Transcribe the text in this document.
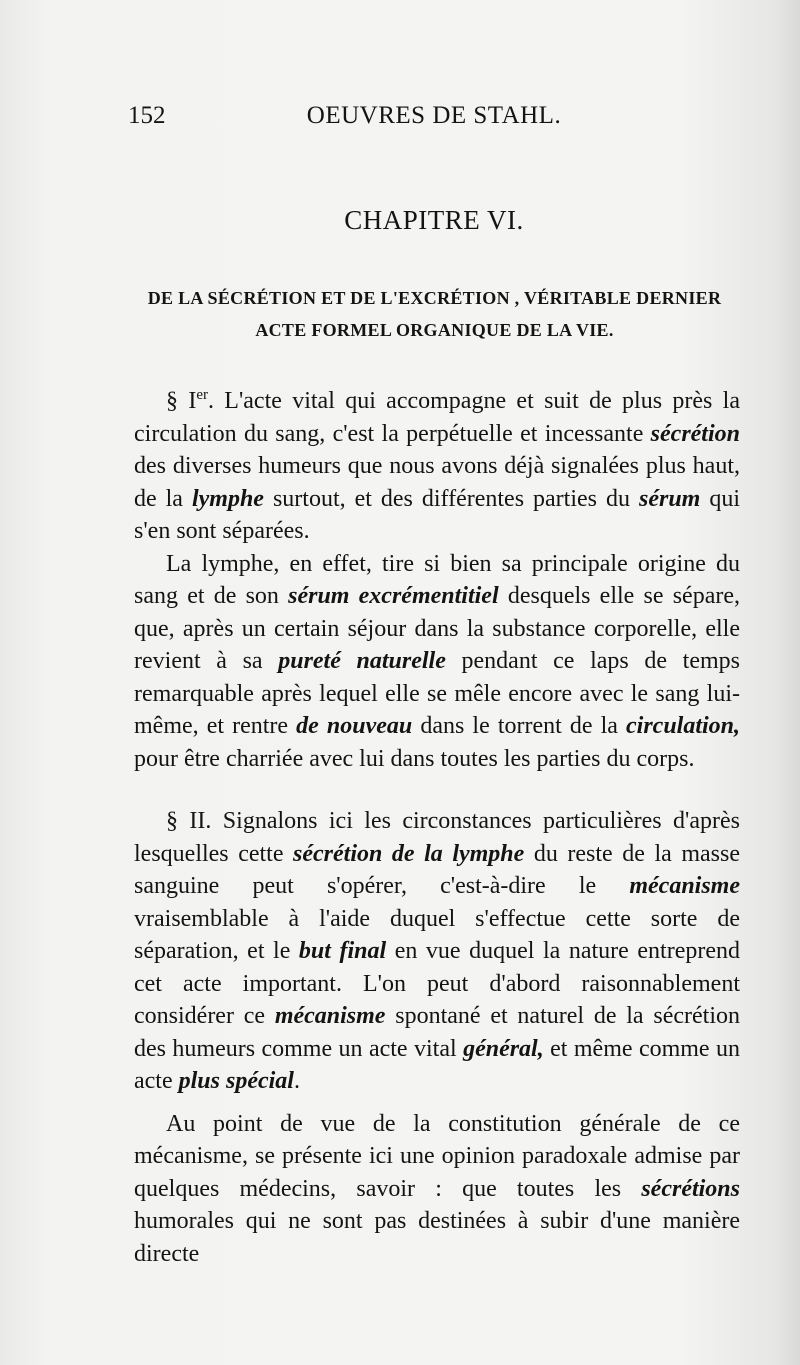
152	OEUVRES DE STAHL.
CHAPITRE VI.
DE LA SÉCRÉTION ET DE L'EXCRÉTION , VÉRITABLE DERNIER ACTE FORMEL ORGANIQUE DE LA VIE.

§ Ier. L'acte vital qui accompagne et suit de plus près la circulation du sang, c'est la perpétuelle et incessante sécrétion des diverses humeurs que nous avons déjà signalées plus haut, de la lymphe surtout, et des différentes parties du sérum qui s'en sont séparées.

La lymphe, en effet, tire si bien sa principale origine du sang et de son sérum excrémentitiel desquels elle se sépare, que, après un certain séjour dans la substance corporelle, elle revient à sa pureté naturelle pendant ce laps de temps remarquable après lequel elle se mêle encore avec le sang lui-même, et rentre de nouveau dans le torrent de la circulation, pour être charriée avec lui dans toutes les parties du corps.

§ II. Signalons ici les circonstances particulières d'après lesquelles cette sécrétion de la lymphe du reste de la masse sanguine peut s'opérer, c'est-à-dire le mécanisme vraisemblable à l'aide duquel s'effectue cette sorte de séparation, et le but final en vue duquel la nature entreprend cet acte important. L'on peut d'abord raisonnablement considérer ce mécanisme spontané et naturel de la sécrétion des humeurs comme un acte vital général, et même comme un acte plus spécial.

Au point de vue de la constitution générale de ce mécanisme, se présente ici une opinion paradoxale admise par quelques médecins, savoir : que toutes les sécrétions humorales qui ne sont pas destinées à subir d'une manière directe
